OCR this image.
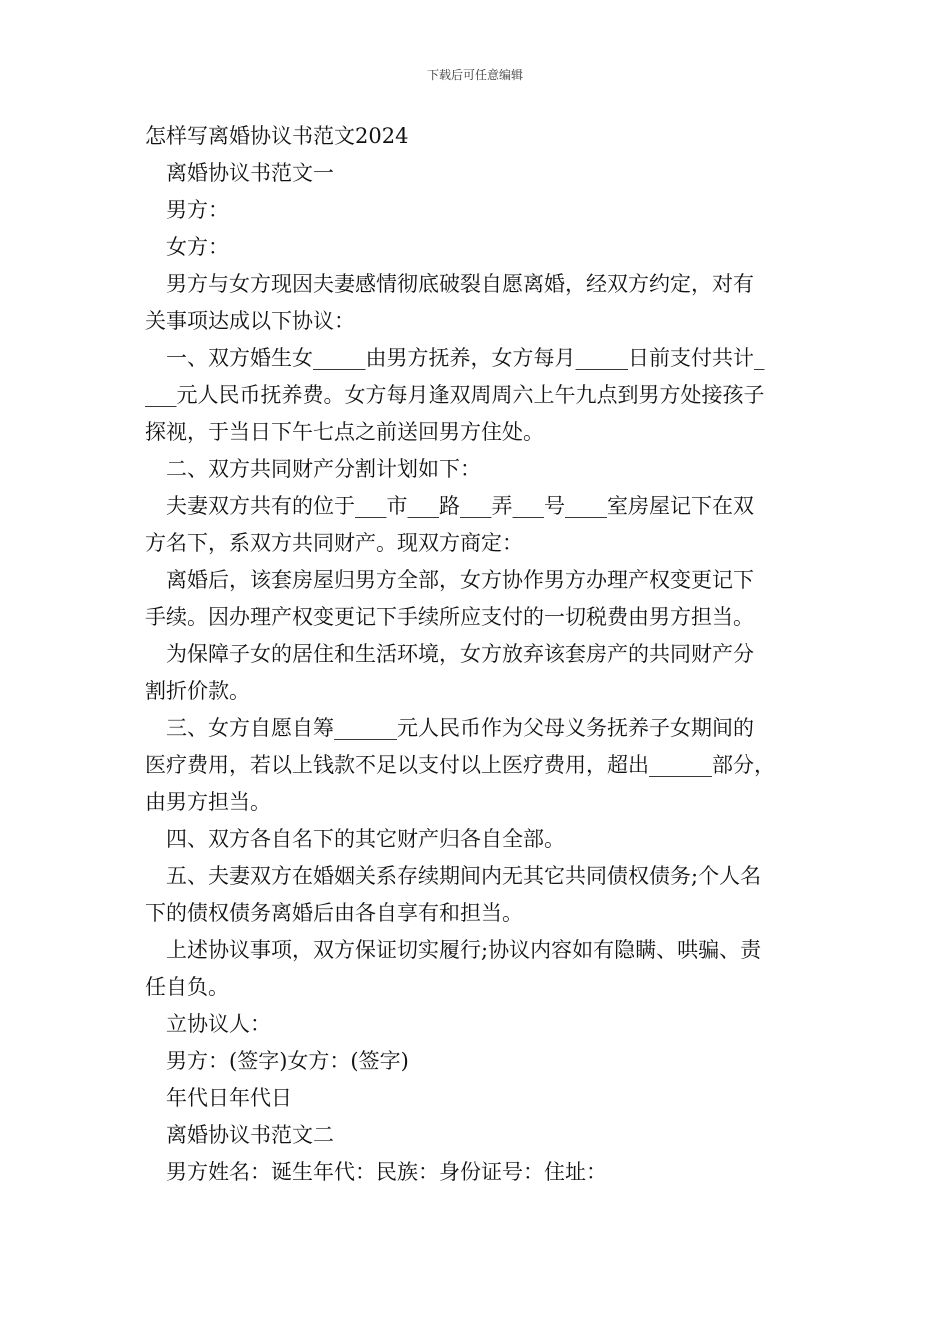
下载后可任意编辑

怎样写离婚协议书范文2024

离婚协议书范文一

男方：

女方：

男方与女方现因夫妻感情彻底破裂自愿离婚，经双方约定，对有

关事项达成以下协议：

一、双方婚生女_____由男方抚养，女方每月_____日前支付共计_

___元人民币抚养费。女方每月逢双周周六上午九点到男方处接孩子

探视，于当日下午七点之前送回男方住处。

二、双方共同财产分割计划如下：

夫妻双方共有的位于___市___路___弄___号____室房屋记下在双

方名下，系双方共同财产。现双方商定：

离婚后，该套房屋归男方全部，女方协作男方办理产权变更记下

手续。因办理产权变更记下手续所应支付的一切税费由男方担当。

为保障子女的居住和生活环境，女方放弃该套房产的共同财产分

割折价款。

三、女方自愿自筹______元人民币作为父母义务抚养子女期间的

医疗费用，若以上钱款不足以支付以上医疗费用，超出______部分，

由男方担当。

四、双方各自名下的其它财产归各自全部。

五、夫妻双方在婚姻关系存续期间内无其它共同债权债务;个人名

下的债权债务离婚后由各自享有和担当。

上述协议事项，双方保证切实履行;协议内容如有隐瞒、哄骗、责

任自负。

立协议人：

男方：(签字)女方：(签字)

年代日年代日

离婚协议书范文二

男方姓名：诞生年代：民族：身份证号：住址：
